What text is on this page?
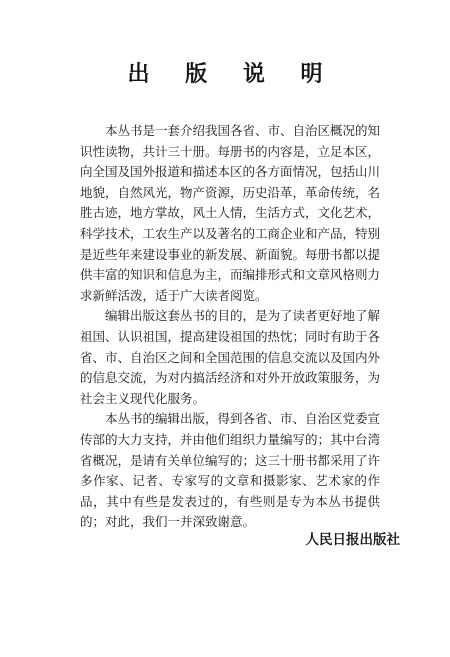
出 版 说 明

本丛书是一套介绍我国各省、市、自治区概况的知识性读物，共计三十册。每册书的内容是，立足本区，向全国及国外报道和描述本区的各方面情况，包括山川地貌，自然风光，物产资源，历史沿革，革命传统，名胜古迹，地方掌故，风土人情，生活方式，文化艺术，科学技术，工农生产以及著名的工商企业和产品，特别是近些年来建设事业的新发展、新面貌。每册书都以提供丰富的知识和信息为主，而编排形式和文章风格则力求新鲜活泼，适于广大读者阅览。

编辑出版这套丛书的目的，是为了读者更好地了解祖国、认识祖国，提高建设祖国的热忱；同时有助于各省、市、自治区之间和全国范围的信息交流以及国内外的信息交流，为对内搞活经济和对外开放政策服务，为社会主义现代化服务。

本丛书的编辑出版，得到各省、市、自治区党委宣传部的大力支持，并由他们组织力量编写的；其中台湾省概况，是请有关单位编写的；这三十册书都采用了许多作家、记者、专家写的文章和摄影家、艺术家的作品，其中有些是发表过的，有些则是专为本丛书提供的；对此，我们一并深致谢意。

人民日报出版社
